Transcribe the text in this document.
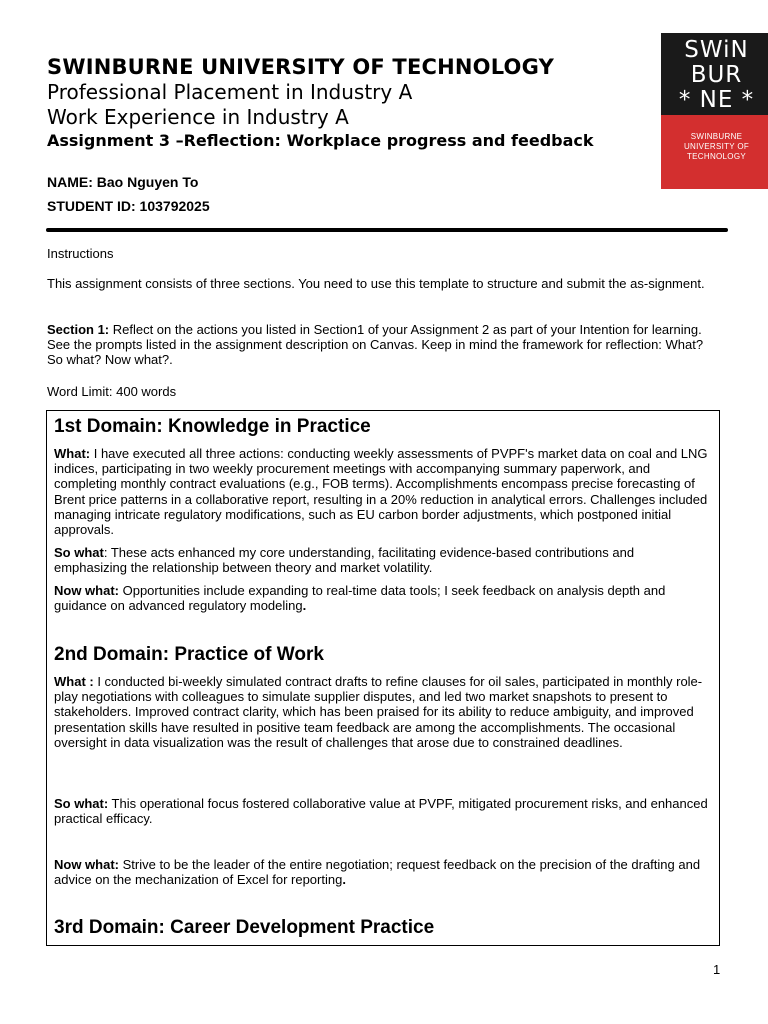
SWINBURNE UNIVERSITY OF TECHNOLOGY
Professional Placement in Industry A
Work Experience in Industry A
Assignment 3 –Reflection: Workplace progress and feedback
SWiN
BUR
* NE *
SWINBURNE
UNIVERSITY OF
TECHNOLOGY
NAME: Bao Nguyen To
STUDENT ID: 103792025
Instructions
This assignment consists of three sections. You need to use this template to structure and submit the as-signment.
Section 1: Reflect on the actions you listed in Section1 of your Assignment 2 as part of your Intention for learning. See the prompts listed in the assignment description on Canvas. Keep in mind the framework for reflection: What? So what? Now what?.
Word Limit: 400 words
1st Domain: Knowledge in Practice
What: I have executed all three actions: conducting weekly assessments of PVPF's market data on coal and LNG indices, participating in two weekly procurement meetings with accompanying summary paperwork, and completing monthly contract evaluations (e.g., FOB terms). Accomplishments encompass precise forecasting of Brent price patterns in a collaborative report, resulting in a 20% reduction in analytical errors. Challenges included managing intricate regulatory modifications, such as EU carbon border adjustments, which postponed initial approvals.
So what: These acts enhanced my core understanding, facilitating evidence-based contributions and emphasizing the relationship between theory and market volatility.
Now what: Opportunities include expanding to real-time data tools; I seek feedback on analysis depth and guidance on advanced regulatory modeling.
2nd Domain: Practice of Work
What : I conducted bi-weekly simulated contract drafts to refine clauses for oil sales, participated in monthly role-play negotiations with colleagues to simulate supplier disputes, and led two market snapshots to present to stakeholders. Improved contract clarity, which has been praised for its ability to reduce ambiguity, and improved presentation skills have resulted in positive team feedback are among the accomplishments. The occasional oversight in data visualization was the result of challenges that arose due to constrained deadlines.
So what: This operational focus fostered collaborative value at PVPF, mitigated procurement risks, and enhanced practical efficacy.
Now what: Strive to be the leader of the entire negotiation; request feedback on the precision of the drafting and advice on the mechanization of Excel for reporting.
3rd Domain: Career Development Practice
1
